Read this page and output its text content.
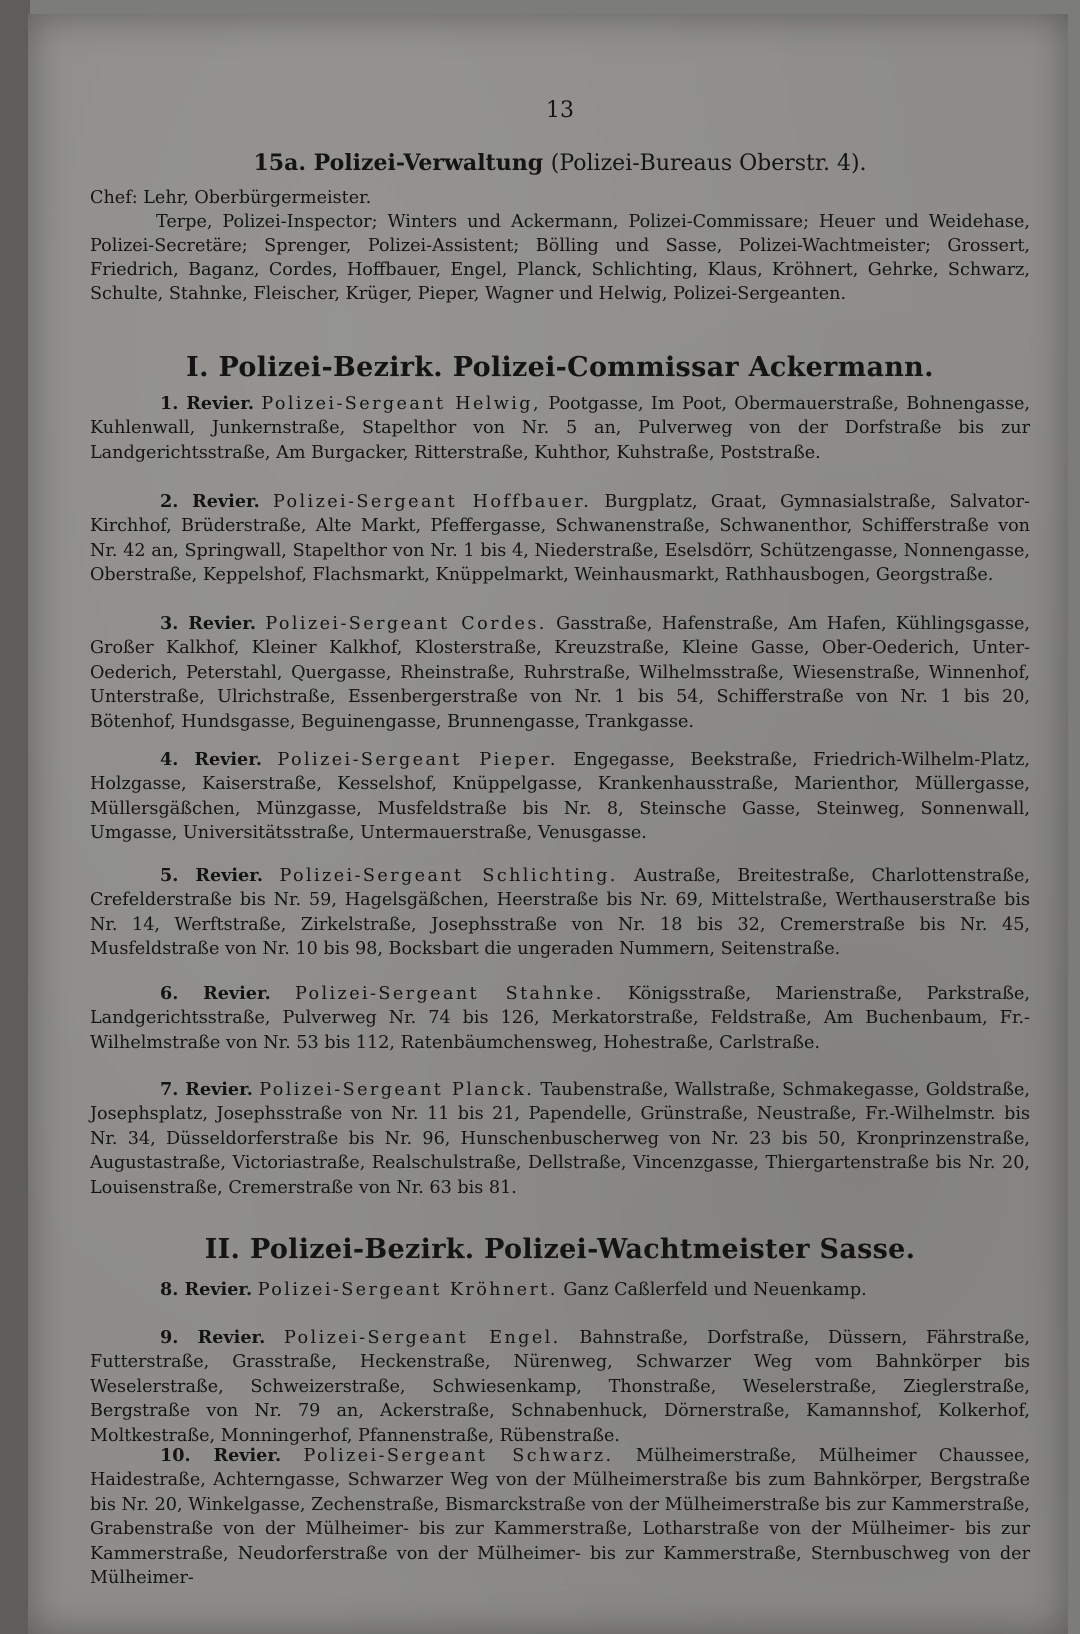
13
15a. Polizei-Verwaltung (Polizei-Bureaus Oberstr. 4).

Chef: Lehr, Oberbürgermeister.

Terpe, Polizei-Inspector; Winters und Ackermann, Polizei-Commissare; Heuer und Weidehase, Polizei-Secretäre; Sprenger, Polizei-Assistent; Bölling und Sasse, Polizei-Wachtmeister; Grossert, Friedrich, Baganz, Cordes, Hoffbauer, Engel, Planck, Schlichting, Klaus, Kröhnert, Gehrke, Schwarz, Schulte, Stahnke, Fleischer, Krüger, Pieper, Wagner und Helwig, Polizei-Sergeanten.

I. Polizei-Bezirk. Polizei-Commissar Ackermann.

1. Revier. Polizei-Sergeant Helwig, Pootgasse, Im Poot, Obermauerstraße, Bohnengasse, Kuhlenwall, Junkernstraße, Stapelthor von Nr. 5 an, Pulverweg von der Dorfstraße bis zur Landgerichtsstraße, Am Burgacker, Ritterstraße, Kuhthor, Kuhstraße, Poststraße.

2. Revier. Polizei-Sergeant Hoffbauer. Burgplatz, Graat, Gymnasialstraße, Salvator-Kirchhof, Brüderstraße, Alte Markt, Pfeffergasse, Schwanenstraße, Schwanenthor, Schifferstraße von Nr. 42 an, Springwall, Stapelthor von Nr. 1 bis 4, Niederstraße, Eselsdörr, Schützengasse, Nonnengasse, Oberstraße, Keppelshof, Flachsmarkt, Knüppelmarkt, Weinhausmarkt, Rathhausbogen, Georgstraße.

3. Revier. Polizei-Sergeant Cordes. Gasstraße, Hafenstraße, Am Hafen, Kühlingsgasse, Großer Kalkhof, Kleiner Kalkhof, Klosterstraße, Kreuzstraße, Kleine Gasse, Ober-Oederich, Unter-Oederich, Peterstahl, Quergasse, Rheinstraße, Ruhrstraße, Wilhelmsstraße, Wiesenstraße, Winnenhof, Unterstraße, Ulrichstraße, Essenbergerstraße von Nr. 1 bis 54, Schifferstraße von Nr. 1 bis 20, Bötenhof, Hundsgasse, Beguinengasse, Brunnengasse, Trankgasse.

4. Revier. Polizei-Sergeant Pieper. Engegasse, Beekstraße, Friedrich-Wilhelm-Platz, Holzgasse, Kaiserstraße, Kesselshof, Knüppelgasse, Krankenhausstraße, Marienthor, Müllergasse, Müllersgäßchen, Münzgasse, Musfeldstraße bis Nr. 8, Steinsche Gasse, Steinweg, Sonnenwall, Umgasse, Universitätsstraße, Untermauerstraße, Venusgasse.

5. Revier. Polizei-Sergeant Schlichting. Austraße, Breitestraße, Charlottenstraße, Crefelderstraße bis Nr. 59, Hagelsgäßchen, Heerstraße bis Nr. 69, Mittelstraße, Werthauserstraße bis Nr. 14, Werftstraße, Zirkelstraße, Josephsstraße von Nr. 18 bis 32, Cremerstraße bis Nr. 45, Musfeldstraße von Nr. 10 bis 98, Bocksbart die ungeraden Nummern, Seitenstraße.

6. Revier. Polizei-Sergeant Stahnke. Königsstraße, Marienstraße, Parkstraße, Landgerichtsstraße, Pulverweg Nr. 74 bis 126, Merkatorstraße, Feldstraße, Am Buchenbaum, Fr.-Wilhelmstraße von Nr. 53 bis 112, Ratenbäumchensweg, Hohestraße, Carlstraße.

7. Revier. Polizei-Sergeant Planck. Taubenstraße, Wallstraße, Schmakegasse, Goldstraße, Josephsplatz, Josephsstraße von Nr. 11 bis 21, Papendelle, Grünstraße, Neustraße, Fr.-Wilhelmstr. bis Nr. 34, Düsseldorferstraße bis Nr. 96, Hunschenbuscherweg von Nr. 23 bis 50, Kronprinzenstraße, Augustastraße, Victoriastraße, Realschulstraße, Dellstraße, Vincenzgasse, Thiergartenstraße bis Nr. 20, Louisenstraße, Cremerstraße von Nr. 63 bis 81.

II. Polizei-Bezirk. Polizei-Wachtmeister Sasse.

8. Revier. Polizei-Sergeant Kröhnert. Ganz Caßlerfeld und Neuenkamp.

9. Revier. Polizei-Sergeant Engel. Bahnstraße, Dorfstraße, Düssern, Fährstraße, Futterstraße, Grasstraße, Heckenstraße, Nürenweg, Schwarzer Weg vom Bahnkörper bis Weselerstraße, Schweizerstraße, Schwiesenkamp, Thonstraße, Weselerstraße, Zieglerstraße, Bergstraße von Nr. 79 an, Ackerstraße, Schnabenhuck, Dörnerstraße, Kamannshof, Kolkerhof, Moltkestraße, Monningerhof, Pfannenstraße, Rübenstraße.

10. Revier. Polizei-Sergeant Schwarz. Mülheimerstraße, Mülheimer Chaussee, Haidestraße, Achterngasse, Schwarzer Weg von der Mülheimerstraße bis zum Bahnkörper, Bergstraße bis Nr. 20, Winkelgasse, Zechenstraße, Bismarckstraße von der Mülheimerstraße bis zur Kammerstraße, Grabenstraße von der Mülheimer- bis zur Kammerstraße, Lotharstraße von der Mülheimer- bis zur Kammerstraße, Neudorferstraße von der Mülheimer- bis zur Kammerstraße, Sternbuschweg von der Mülheimer-
